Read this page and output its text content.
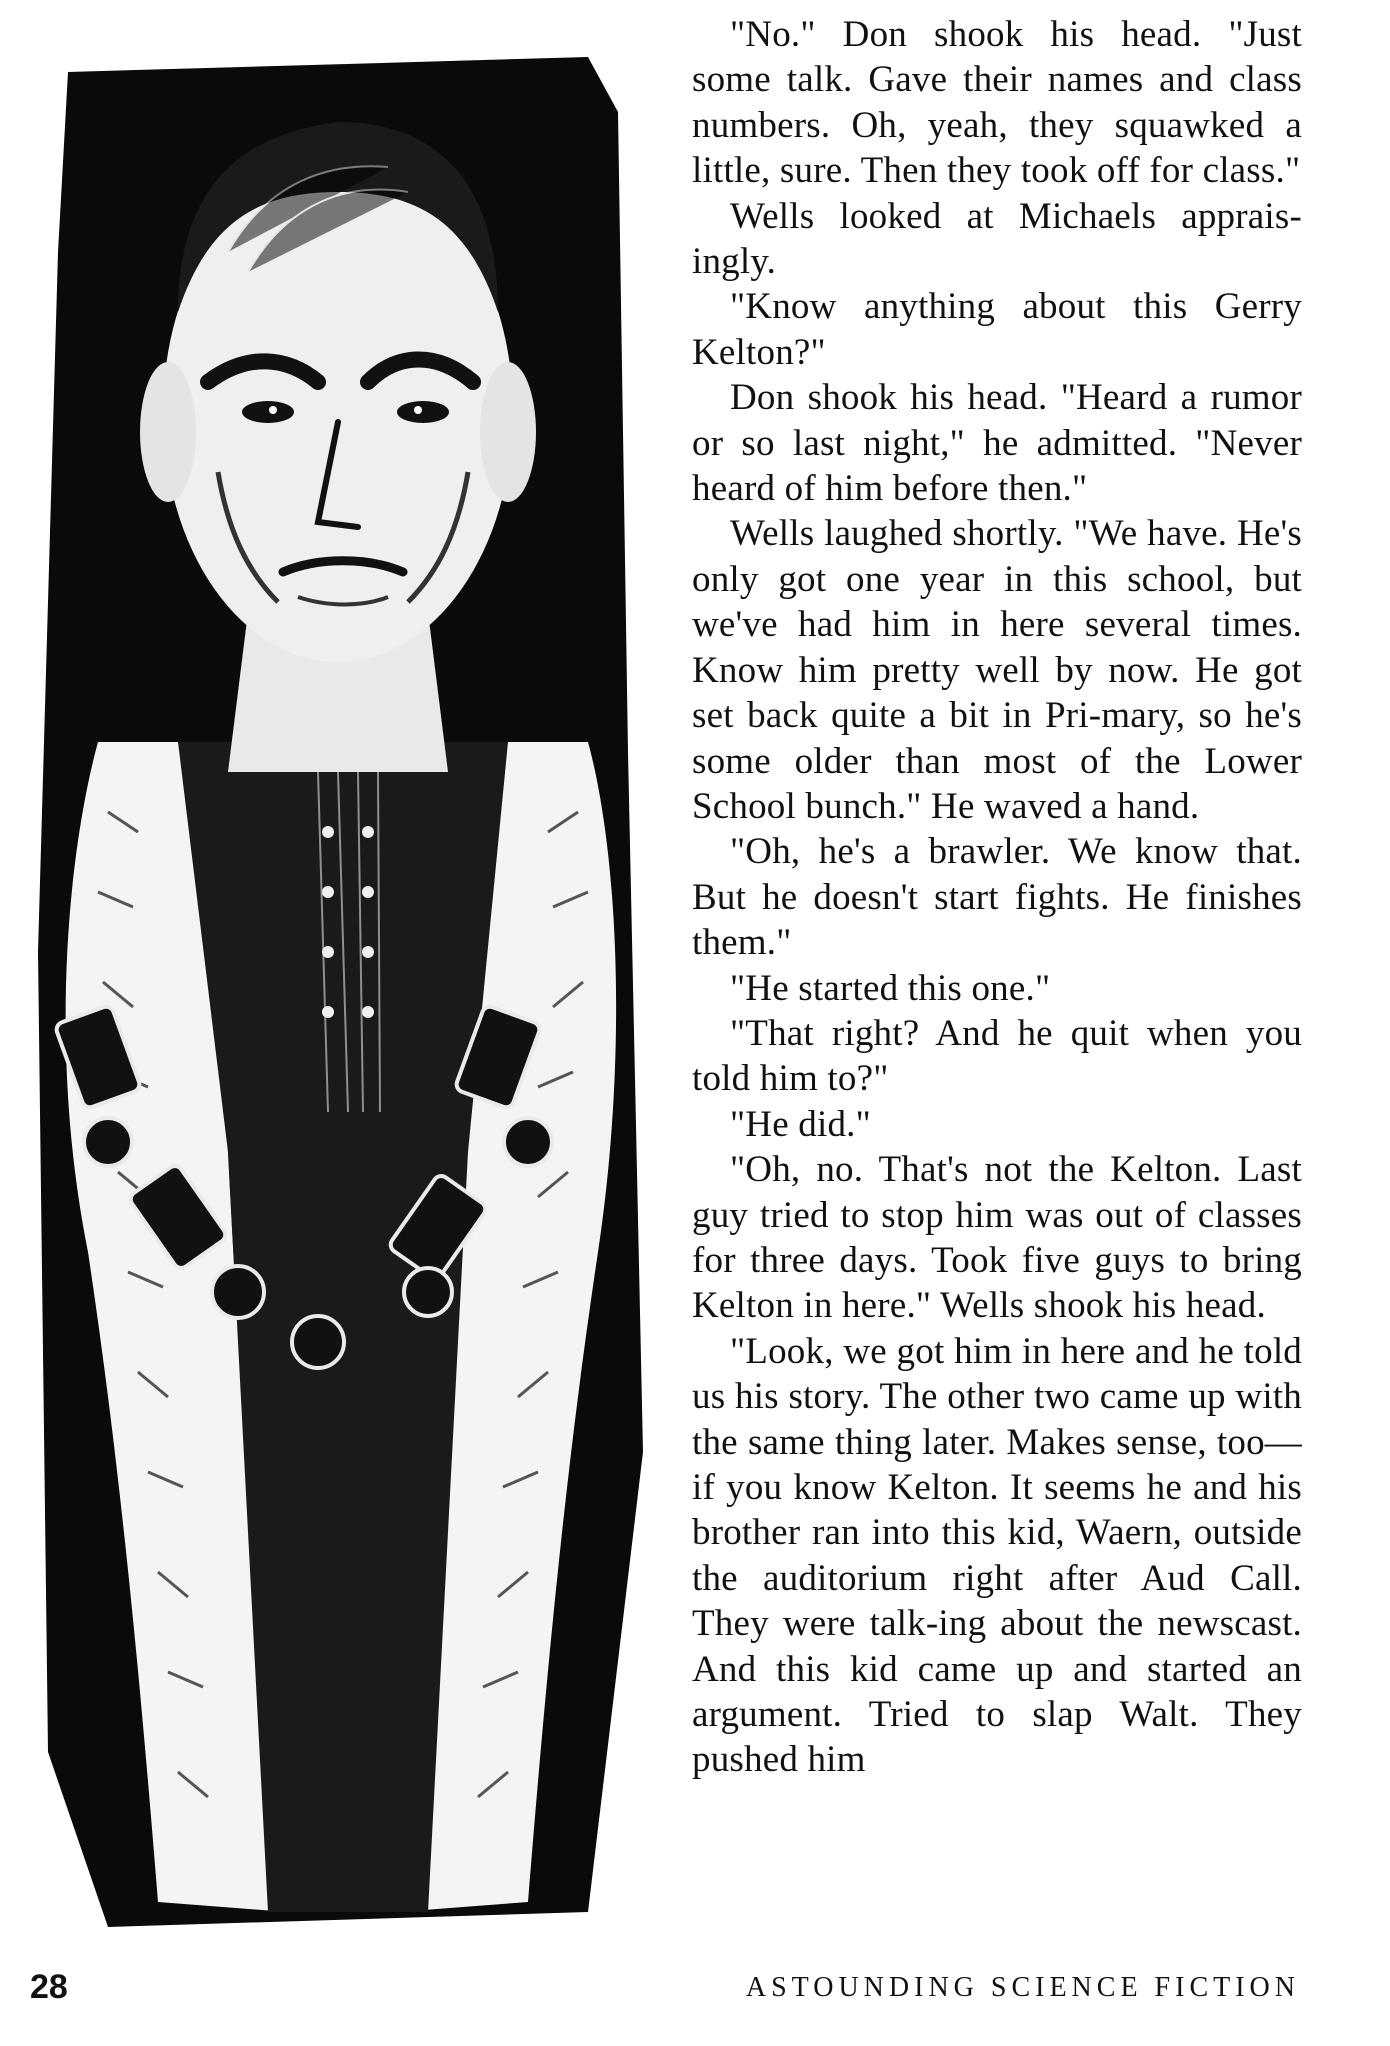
"No." Don shook his head. "Just some talk. Gave their names and class numbers. Oh, yeah, they squawked a little, sure. Then they took off for class."

Wells looked at Michaels apprais-ingly.

"Know anything about this Gerry Kelton?"

Don shook his head. "Heard a rumor or so last night," he admitted. "Never heard of him before then."

Wells laughed shortly. "We have. He's only got one year in this school, but we've had him in here several times. Know him pretty well by now. He got set back quite a bit in Pri-mary, so he's some older than most of the Lower School bunch." He waved a hand.

"Oh, he's a brawler. We know that. But he doesn't start fights. He finishes them."

"He started this one."

"That right? And he quit when you told him to?"

"He did."

"Oh, no. That's not the Kelton. Last guy tried to stop him was out of classes for three days. Took five guys to bring Kelton in here." Wells shook his head.

"Look, we got him in here and he told us his story. The other two came up with the same thing later. Makes sense, too—if you know Kelton. It seems he and his brother ran into this kid, Waern, outside the auditorium right after Aud Call. They were talk-ing about the newscast. And this kid came up and started an argument. Tried to slap Walt. They pushed him

28	ASTOUNDING SCIENCE FICTION
